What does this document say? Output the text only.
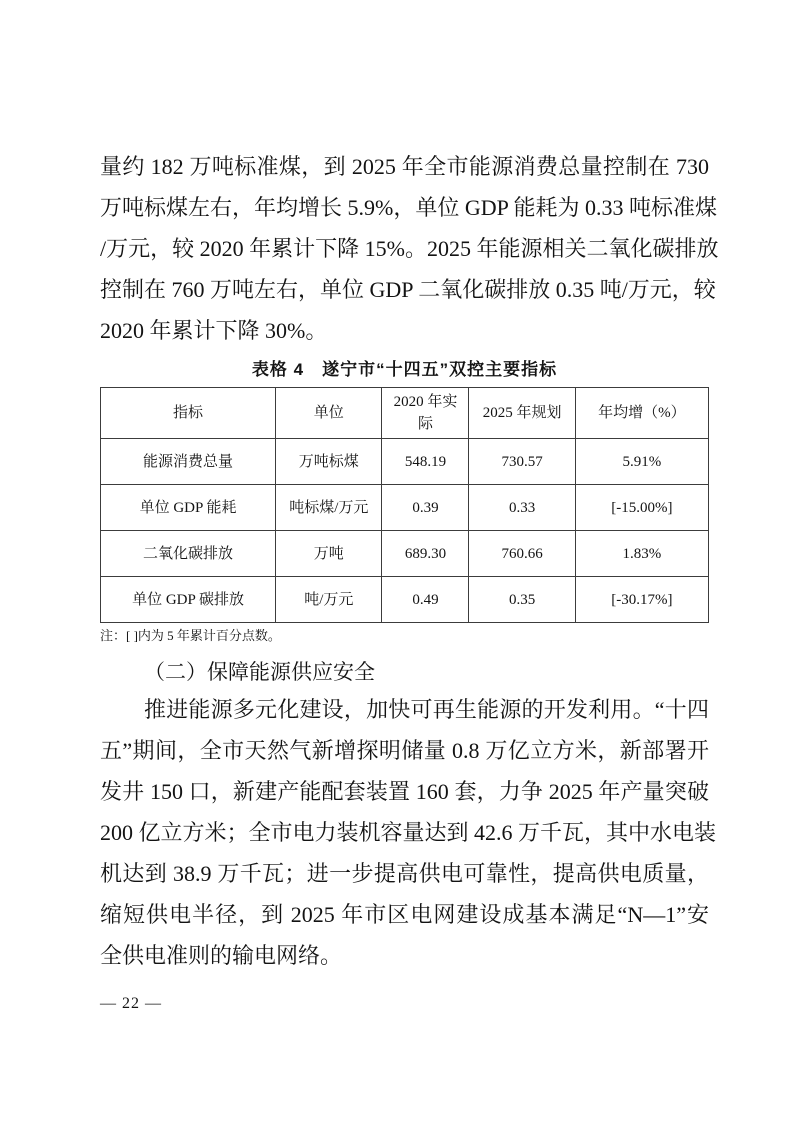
量约 182 万吨标准煤，到 2025 年全市能源消费总量控制在 730
万吨标煤左右，年均增长 5.9%，单位 GDP 能耗为 0.33 吨标准煤
/万元，较 2020 年累计下降 15%。2025 年能源相关二氧化碳排放
控制在 760 万吨左右，单位 GDP 二氧化碳排放 0.35 吨/万元，较
2020 年累计下降 30%。
表格 4　遂宁市“十四五”双控主要指标
指标	单位	2020 年实际	2025 年规划	年均增（%）
能源消费总量	万吨标煤	548.19	730.57	5.91%
单位 GDP 能耗	吨标煤/万元	0.39	0.33	[-15.00%]
二氧化碳排放	万吨	689.30	760.66	1.83%
单位 GDP 碳排放	吨/万元	0.49	0.35	[-30.17%]
注：[ ]内为 5 年累计百分点数。
（二）保障能源供应安全
推进能源多元化建设，加快可再生能源的开发利用。“十四
五”期间，全市天然气新增探明储量 0.8 万亿立方米，新部署开
发井 150 口，新建产能配套装置 160 套，力争 2025 年产量突破
200 亿立方米；全市电力装机容量达到 42.6 万千瓦，其中水电装
机达到 38.9 万千瓦；进一步提高供电可靠性，提高供电质量，
缩短供电半径，到 2025 年市区电网建设成基本满足“N—1”安
全供电准则的输电网络。
— 22 —
